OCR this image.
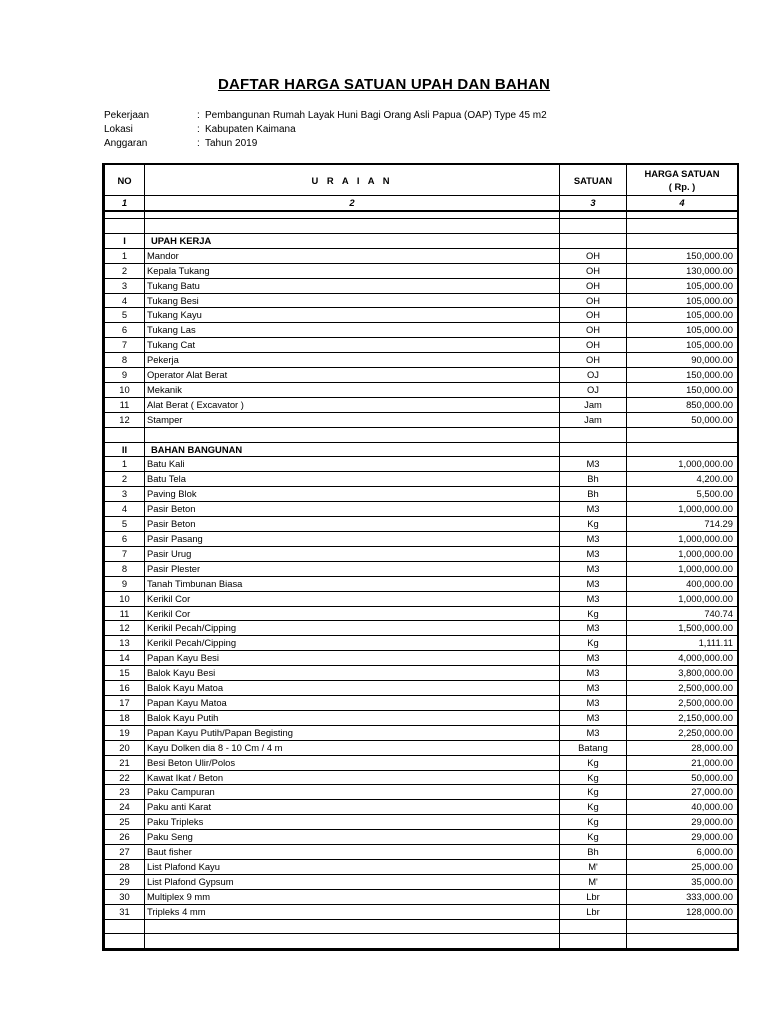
DAFTAR HARGA SATUAN UPAH DAN BAHAN
Pekerjaan	: Pembangunan Rumah Layak Huni Bagi Orang Asli Papua (OAP) Type 45 m2
Lokasi	: Kabupaten Kaimana
Anggaran	: Tahun 2019
NO	U R A I A N	SATUAN	HARGA SATUAN
( Rp. )

1	2	3	4

I	UPAH KERJA		
1	Mandor	OH	150,000.00
2	Kepala Tukang	OH	130,000.00
3	Tukang Batu	OH	105,000.00
4	Tukang Besi	OH	105,000.00
5	Tukang Kayu	OH	105,000.00
6	Tukang Las	OH	105,000.00
7	Tukang Cat	OH	105,000.00
8	Pekerja	OH	90,000.00
9	Operator Alat Berat	OJ	150,000.00
10	Mekanik	OJ	150,000.00
11	Alat Berat ( Excavator )	Jam	850,000.00
12	Stamper	Jam	50,000.00

II	BAHAN BANGUNAN		
1	Batu Kali	M3	1,000,000.00
2	Batu Tela	Bh	4,200.00
3	Paving Blok	Bh	5,500.00
4	Pasir Beton	M3	1,000,000.00
5	Pasir Beton	Kg	714.29
6	Pasir Pasang	M3	1,000,000.00
7	Pasir Urug	M3	1,000,000.00
8	Pasir Plester	M3	1,000,000.00
9	Tanah Timbunan Biasa	M3	400,000.00
10	Kerikil Cor	M3	1,000,000.00
11	Kerikil Cor	Kg	740.74
12	Kerikil Pecah/Cipping	M3	1,500,000.00
13	Kerikil Pecah/Cipping	Kg	1,111.11
14	Papan Kayu Besi	M3	4,000,000.00
15	Balok Kayu Besi	M3	3,800,000.00
16	Balok Kayu Matoa	M3	2,500,000.00
17	Papan Kayu Matoa	M3	2,500,000.00
18	Balok Kayu Putih	M3	2,150,000.00
19	Papan Kayu Putih/Papan Begisting	M3	2,250,000.00
20	Kayu Dolken dia 8 - 10 Cm / 4 m	Batang	28,000.00
21	Besi Beton Ulir/Polos	Kg	21,000.00
22	Kawat Ikat / Beton	Kg	50,000.00
23	Paku Campuran	Kg	27,000.00
24	Paku anti Karat	Kg	40,000.00
25	Paku Tripleks	Kg	29,000.00
26	Paku Seng	Kg	29,000.00
27	Baut fisher	Bh	6,000.00
28	List Plafond Kayu	M'	25,000.00
29	List Plafond Gypsum	M'	35,000.00
30	Multiplex 9 mm	Lbr	333,000.00
31	Tripleks 4 mm	Lbr	128,000.00
